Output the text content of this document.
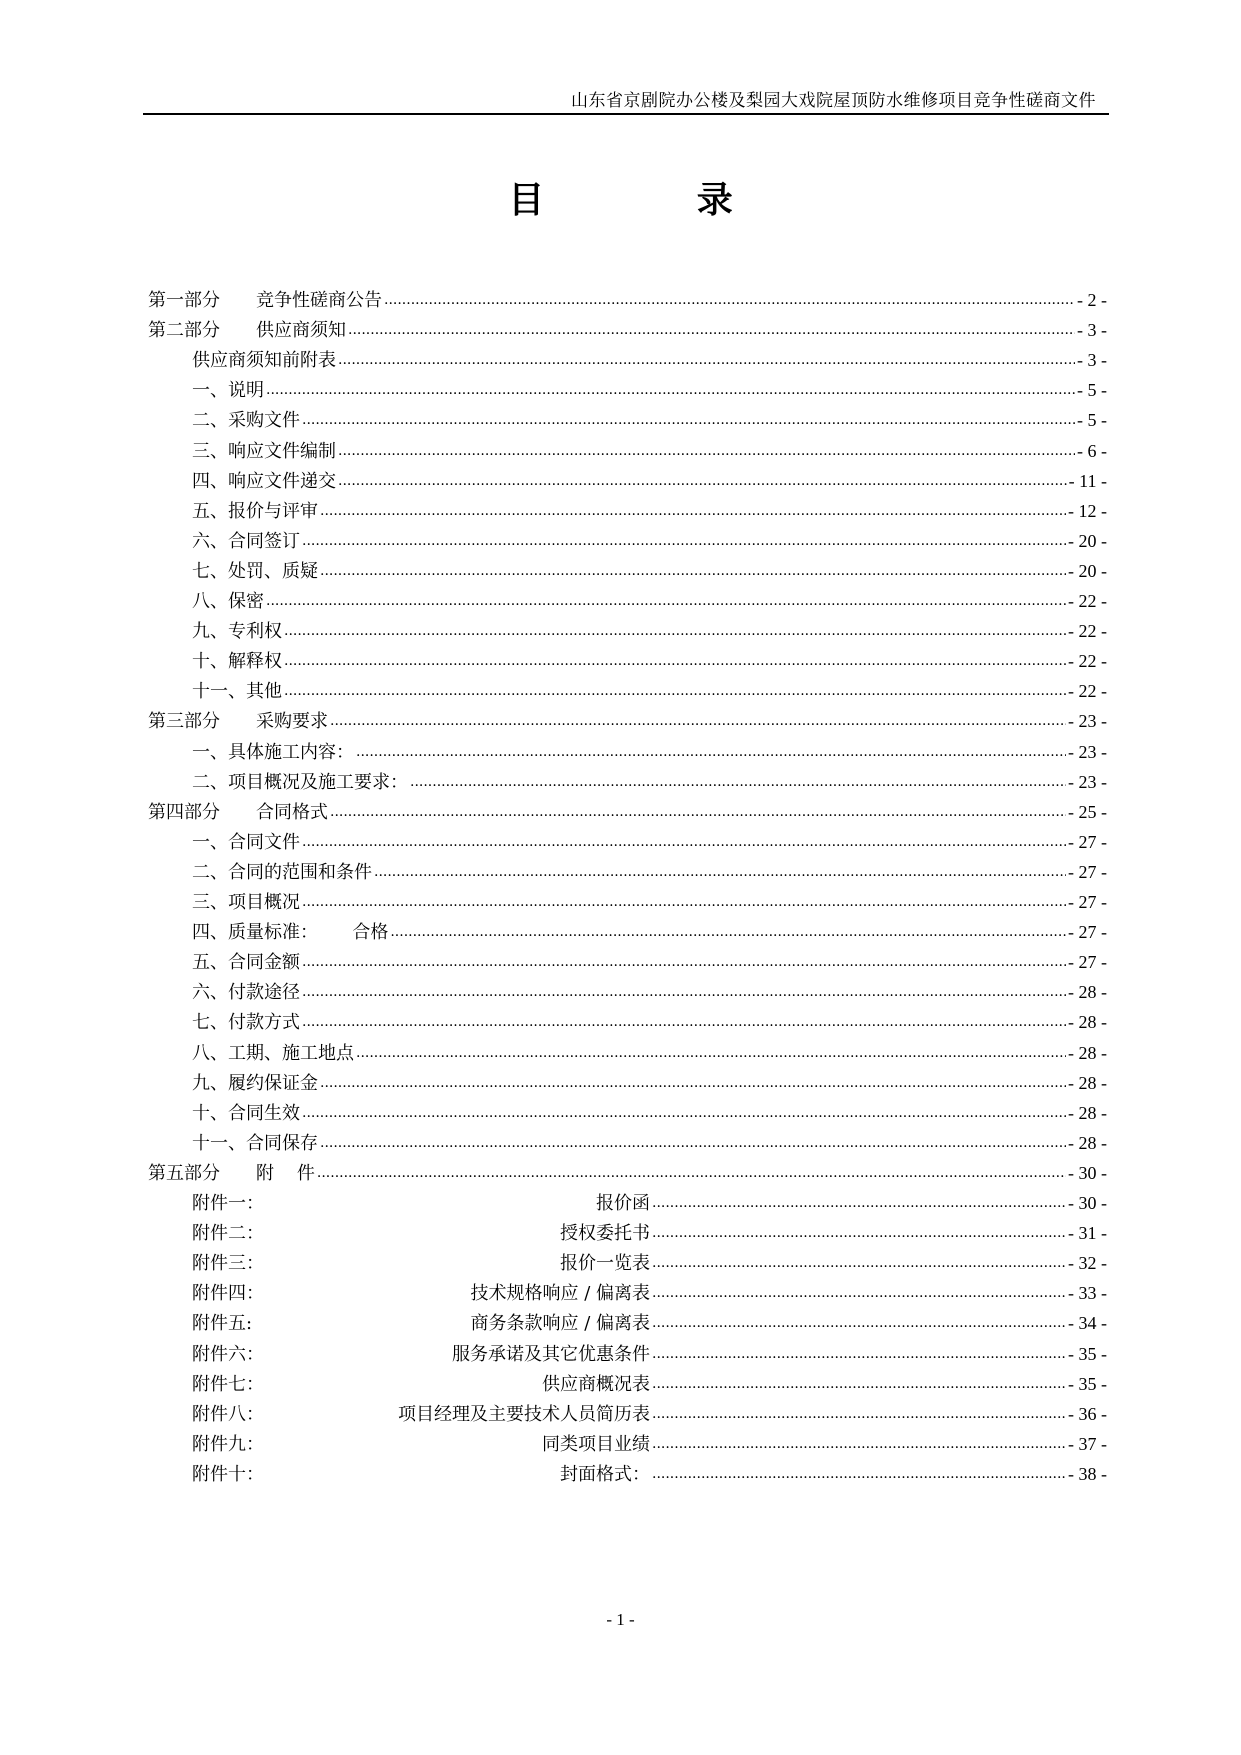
山东省京剧院办公楼及梨园大戏院屋顶防水维修项目竞争性磋商文件
目 录
第一部分	竞争性磋商公告 .....	- 2 -
第二部分	供应商须知 .....	- 3 -
供应商须知前附表 .....	- 3 -
一、说明 .....	- 5 -
二、采购文件 .....	- 5 -
三、响应文件编制 .....	- 6 -
四、响应文件递交 .....	- 11 -
五、报价与评审 .....	- 12 -
六、合同签订 .....	- 20 -
七、处罚、质疑 .....	- 20 -
八、保密 .....	- 22 -
九、专利权 .....	- 22 -
十、解释权 .....	- 22 -
十一、其他 .....	- 22 -
第三部分	采购要求 .....	- 23 -
一、具体施工内容： .....	- 23 -
二、项目概况及施工要求： .....	- 23 -
第四部分	合同格式 .....	- 25 -
一、合同文件 .....	- 27 -
二、合同的范围和条件 .....	- 27 -
三、项目概况 .....	- 27 -
四、质量标准：      合格 .....	- 27 -
五、合同金额 .....	- 27 -
六、付款途径 .....	- 28 -
七、付款方式 .....	- 28 -
八、工期、施工地点 .....	- 28 -
九、履约保证金 .....	- 28 -
十、合同生效 .....	- 28 -
十一、合同保存 .....	- 28 -
第五部分	附    件 .....	- 30 -
附件一：	报价函 .....	- 30 -
附件二：	授权委托书 .....	- 31 -
附件三：	报价一览表 .....	- 32 -
附件四：	技术规格响应 / 偏离表 .....	- 33 -
附件五:	商务条款响应 / 偏离表 .....	- 34 -
附件六：	服务承诺及其它优惠条件 .....	- 35 -
附件七：	供应商概况表 .....	- 35 -
附件八：	项目经理及主要技术人员简历表 .....	- 36 -
附件九：	同类项目业绩 .....	- 37 -
附件十：	封面格式： .....	- 38 -
- 1 -
